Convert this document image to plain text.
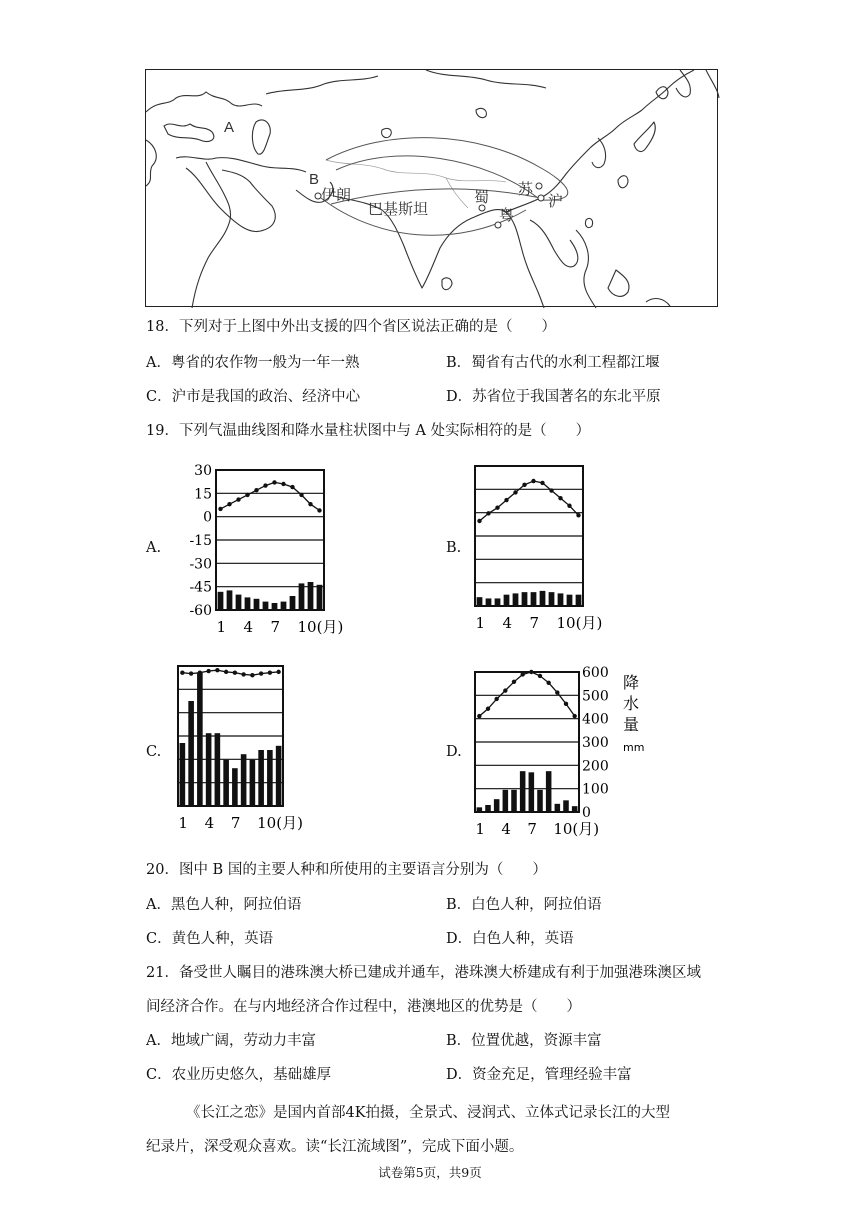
A
B
伊朗
巴基斯坦
蜀 苏
粤
沪
18．下列对于上图中外出支援的四个省区说法正确的是（　　）
A．粤省的农作物一般为一年一熟	B．蜀省有古代的水利工程都江堰
C．沪市是我国的政治、经济中心	D．苏省位于我国著名的东北平原
19．下列气温曲线图和降水量柱状图中与 A 处实际相符的是（　　）
A.	B.
C.	D.
1 4 7 10(月)
30
15
0
-15
-30
-45
-60
1 4 7 10(月)
1 4 7 10(月)	1 4 7 10(月)
600
500
400
300
200
100
0
降
水
量
mm
20．图中 B 国的主要人种和所使用的主要语言分别为（　　）
A．黑色人种，阿拉伯语	B．白色人种，阿拉伯语
C．黄色人种，英语	D．白色人种，英语
21．备受世人瞩目的港珠澳大桥已建成并通车，港珠澳大桥建成有利于加强港珠澳区域
间经济合作。在与内地经济合作过程中，港澳地区的优势是（　　）
A．地域广阔，劳动力丰富	B．位置优越，资源丰富
C．农业历史悠久，基础雄厚	D．资金充足，管理经验丰富
《长江之恋》是国内首部4K拍摄，全景式、浸润式、立体式记录长江的大型
纪录片，深受观众喜欢。读“长江流域图”，完成下面小题。
试卷第5页，共9页
